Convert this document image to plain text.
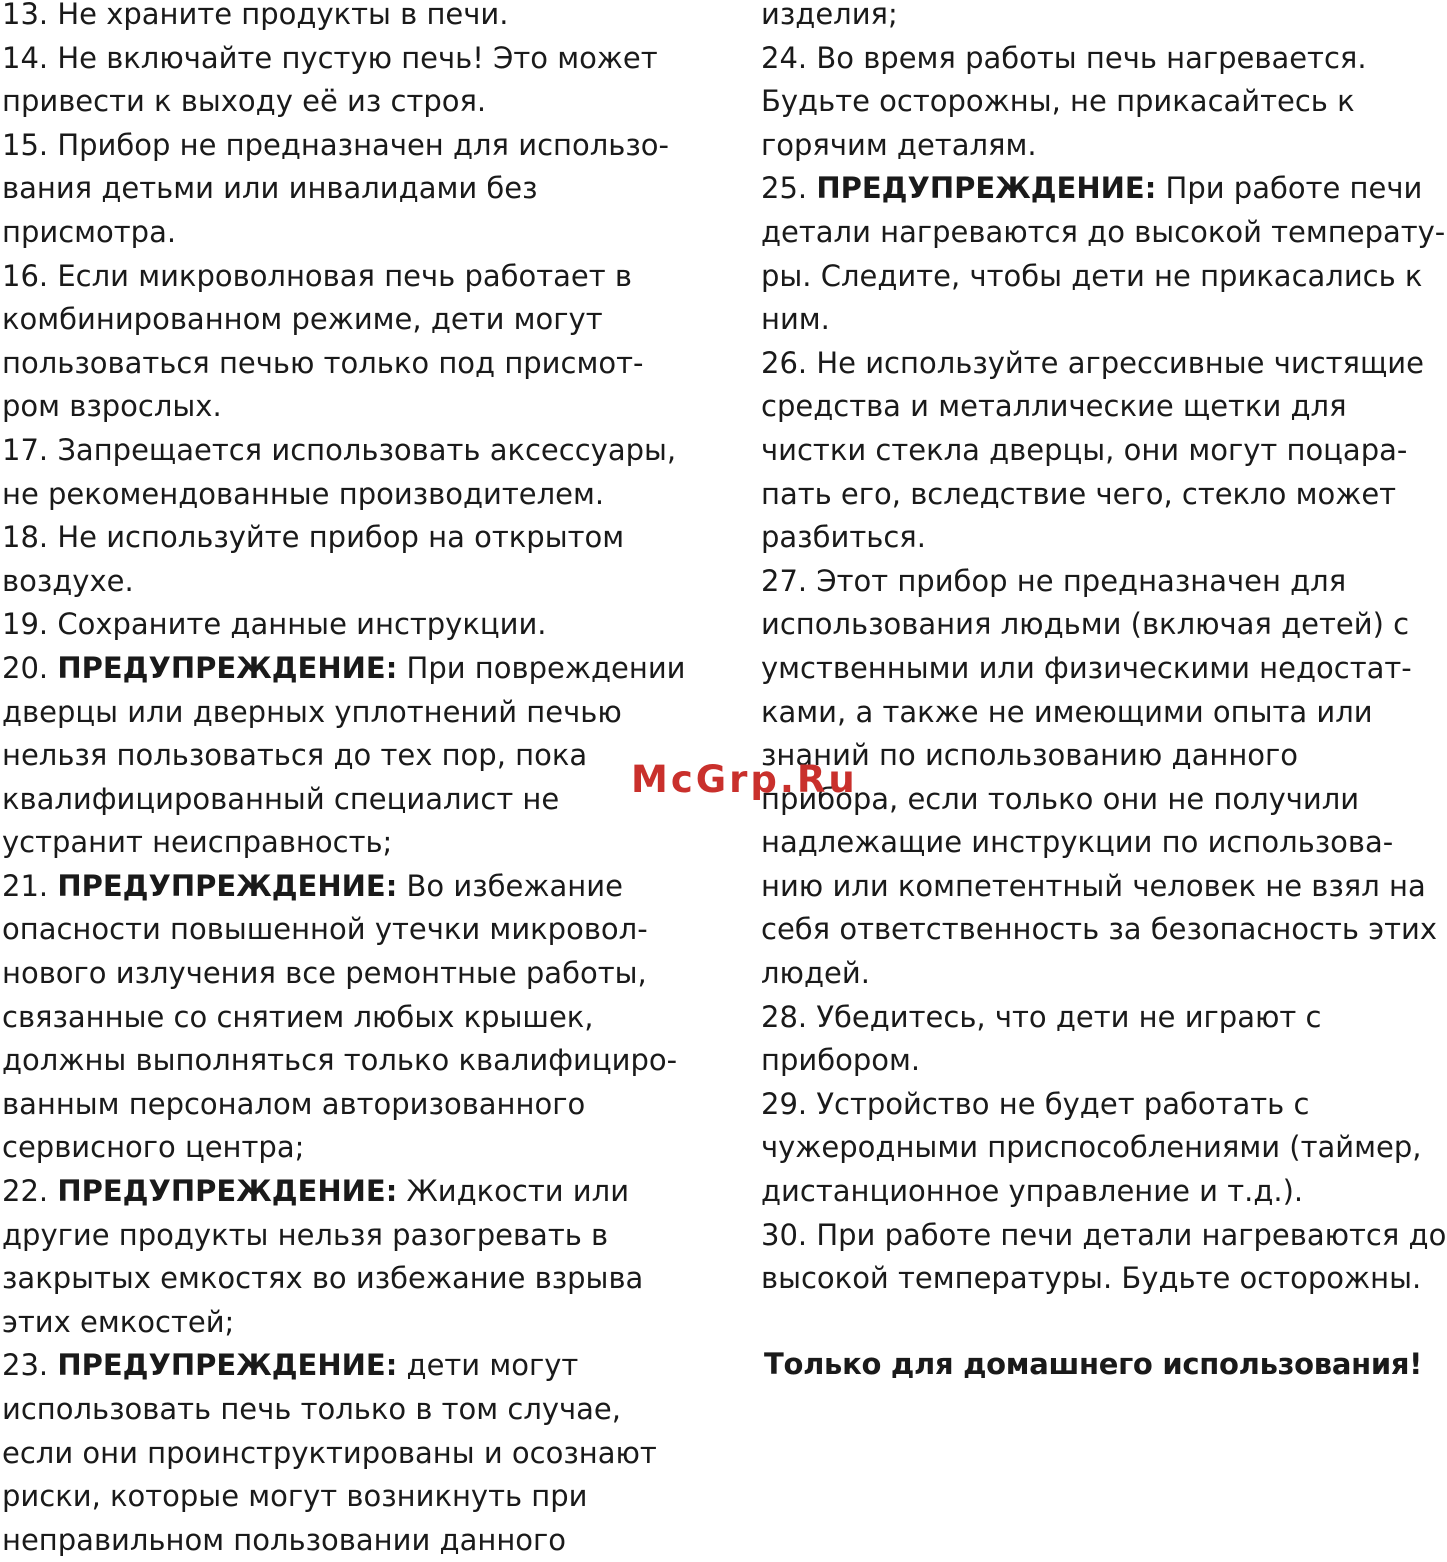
13. Не храните продукты в печи.
14. Не включайте пустую печь! Это может
привести к выходу её из строя.
15. Прибор не предназначен для использо-
вания детьми или инвалидами без
присмотра.
16. Если микроволновая печь работает в
комбинированном режиме, дети могут
пользоваться печью только под присмот-
ром взрослых.
17. Запрещается использовать аксессуары,
не рекомендованные производителем.
18. Не используйте прибор на открытом
воздухе.
19. Сохраните данные инструкции.
20. ПРЕДУПРЕЖДЕНИЕ: При повреждении
дверцы или дверных уплотнений печью
нельзя пользоваться до тех пор, пока
квалифицированный специалист не
устранит неисправность;
21. ПРЕДУПРЕЖДЕНИЕ: Во избежание
опасности повышенной утечки микровол-
нового излучения все ремонтные работы,
связанные со снятием любых крышек,
должны выполняться только квалифициро-
ванным персоналом авторизованного
сервисного центра;
22. ПРЕДУПРЕЖДЕНИЕ: Жидкости или
другие продукты нельзя разогревать в
закрытых емкостях во избежание взрыва
этих емкостей;
23. ПРЕДУПРЕЖДЕНИЕ: дети могут
использовать печь только в том случае,
если они проинструктированы и осознают
риски, которые могут возникнуть при
неправильном пользовании данного
изделия;
24. Во время работы печь нагревается.
Будьте осторожны, не прикасайтесь к
горячим деталям.
25. ПРЕДУПРЕЖДЕНИЕ: При работе печи
детали нагреваются до высокой температу-
ры. Следите, чтобы дети не прикасались к
ним.
26. Не используйте агрессивные чистящие
средства и металлические щетки для
чистки стекла дверцы, они могут поцара-
пать его, вследствие чего, стекло может
разбиться.
27. Этот прибор не предназначен для
использования людьми (включая детей) с
умственными или физическими недостат-
ками, а также не имеющими опыта или
знаний по использованию данного
прибора, если только они не получили
надлежащие инструкции по использова-
нию или компетентный человек не взял на
себя ответственность за безопасность этих
людей.
28. Убедитесь, что дети не играют с
прибором.
29. Устройство не будет работать с
чужеродными приспособлениями (таймер,
дистанционное управление и т.д.).
30. При работе печи детали нагреваются до
высокой температуры. Будьте осторожны.
Только для домашнего использования!
McGrp.Ru
